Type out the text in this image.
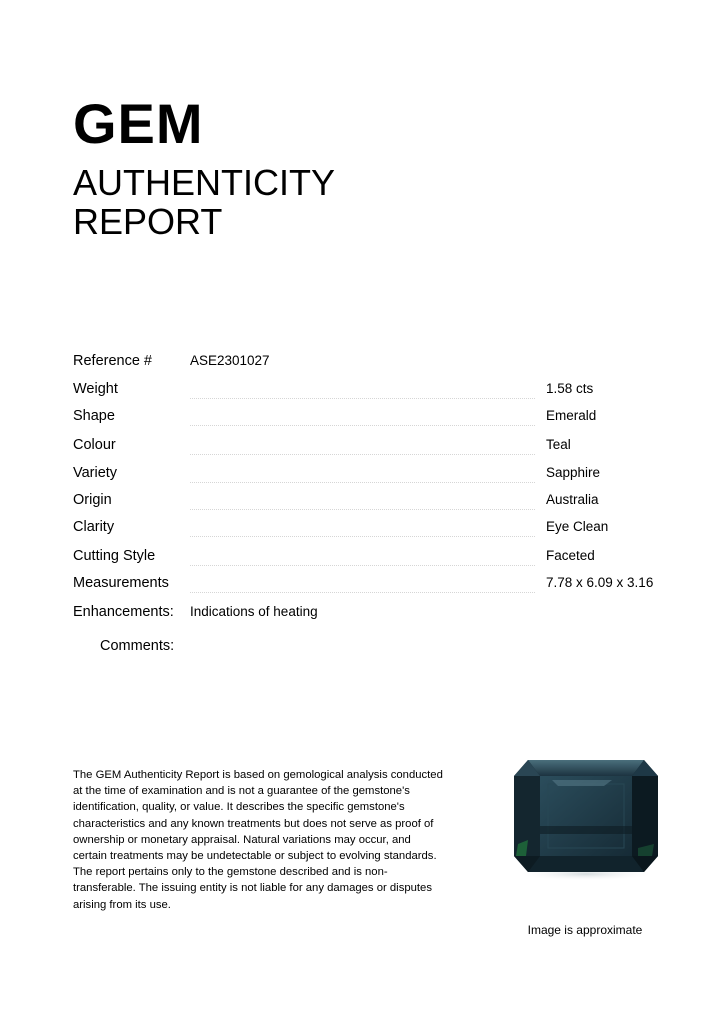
GEM
AUTHENTICITY
REPORT
Reference #	ASE2301027
Weight	1.58 cts
Shape	Emerald
Colour	Teal
Variety	Sapphire
Origin	Australia
Clarity	Eye Clean
Cutting Style	Faceted
Measurements	7.78 x 6.09 x 3.16
Enhancements: Indications of heating
Comments:
The GEM Authenticity Report is based on gemological analysis conducted at the time of examination and is not a guarantee of the gemstone's identification, quality, or value. It describes the specific gemstone's characteristics and any known treatments but does not serve as proof of ownership or monetary appraisal. Natural variations may occur, and certain treatments may be undetectable or subject to evolving standards. The report pertains only to the gemstone described and is non-transferable. The issuing entity is not liable for any damages or disputes arising from its use.
Image is approximate
